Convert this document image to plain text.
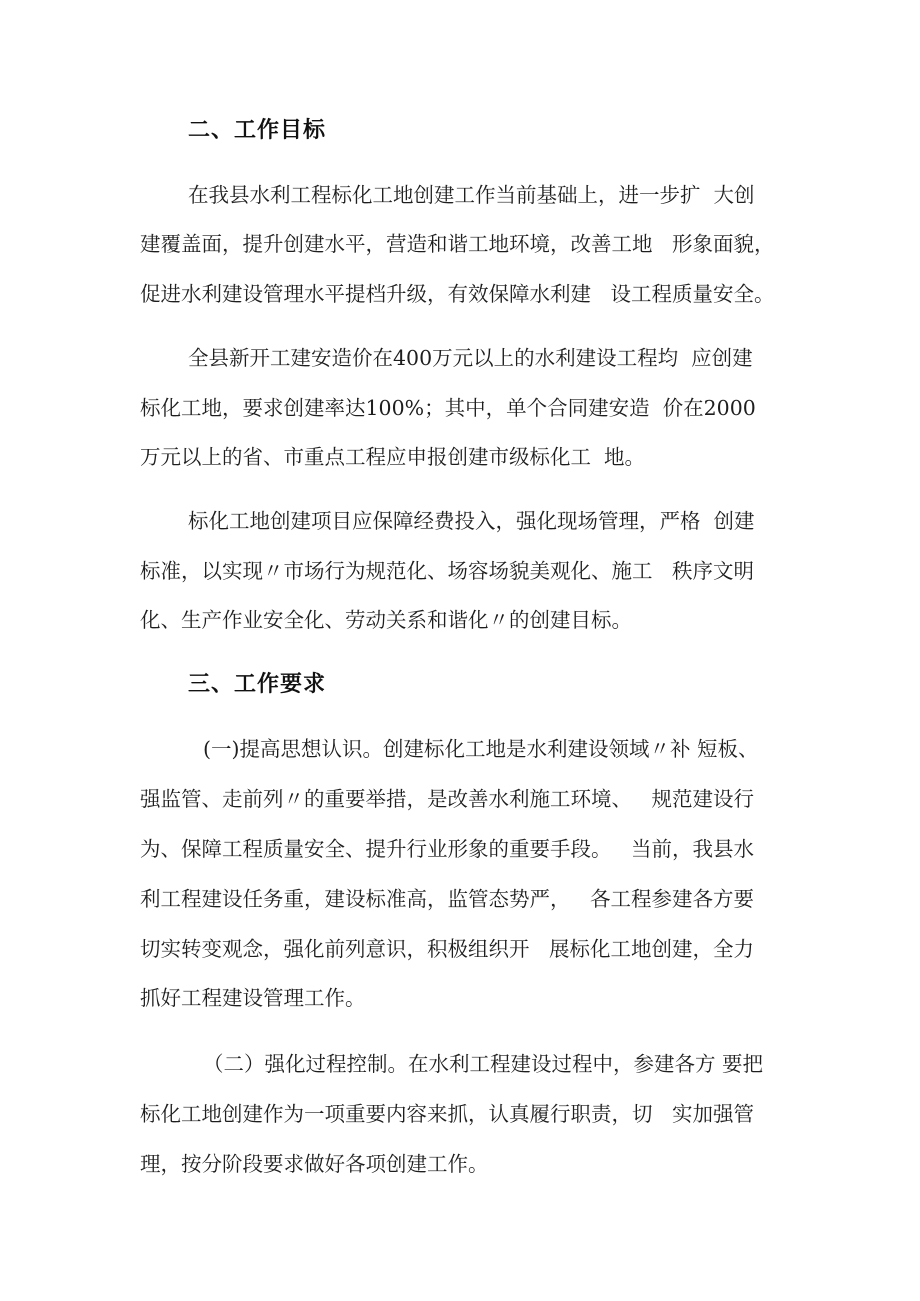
二、工作目标
在我县水利工程标化工地创建工作当前基础上，进一步扩  大创
建覆盖面，提升创建水平，营造和谐工地环境，改善工地   形象面貌，
促进水利建设管理水平提档升级，有效保障水利建   设工程质量安全。
全县新开工建安造价在400万元以上的水利建设工程均  应创建
标化工地，要求创建率达100%；其中，单个合同建安造  价在2000
万元以上的省、市重点工程应申报创建市级标化工  地。
标化工地创建项目应保障经费投入，强化现场管理，严格  创建
标准，以实现〃市场行为规范化、场容场貌美观化、施工   秩序文明
化、生产作业安全化、劳动关系和谐化〃的创建目标。
三、工作要求
(一)提高思想认识。创建标化工地是水利建设领域〃补 短板、
强监管、走前列〃的重要举措，是改善水利施工环境、   规范建设行
为、保障工程质量安全、提升行业形象的重要手段。   当前，我县水
利工程建设任务重，建设标准高，监管态势严，   各工程参建各方要
切实转变观念，强化前列意识，积极组织开   展标化工地创建，全力
抓好工程建设管理工作。
（二）强化过程控制。在水利工程建设过程中，参建各方 要把
标化工地创建作为一项重要内容来抓，认真履行职责，切   实加强管
理，按分阶段要求做好各项创建工作。
